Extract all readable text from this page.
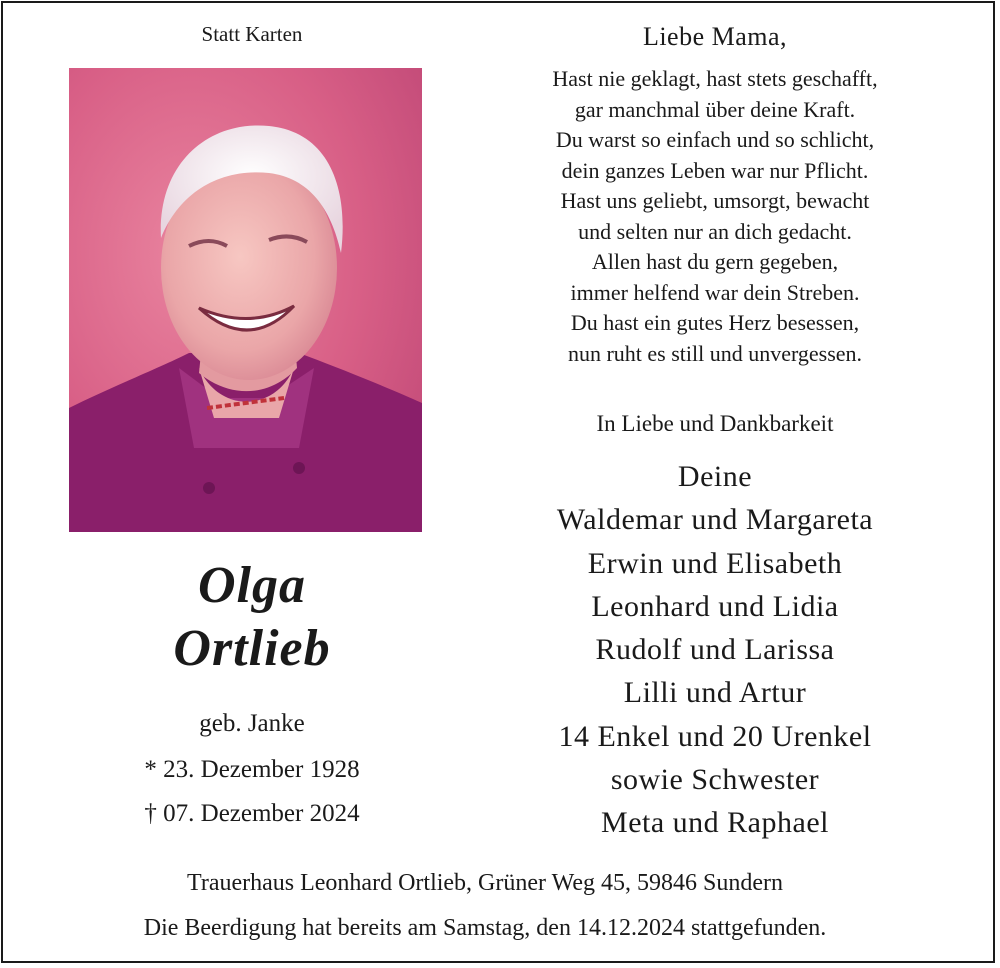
Statt Karten
Olga
Ortlieb
geb. Janke
* 23. Dezember 1928
† 07. Dezember 2024
Liebe Mama,
Hast nie geklagt, hast stets geschafft,
gar manchmal über deine Kraft.
Du warst so einfach und so schlicht,
dein ganzes Leben war nur Pflicht.
Hast uns geliebt, umsorgt, bewacht
und selten nur an dich gedacht.
Allen hast du gern gegeben,
immer helfend war dein Streben.
Du hast ein gutes Herz besessen,
nun ruht es still und unvergessen.
In Liebe und Dankbarkeit
Deine
Waldemar und Margareta
Erwin und Elisabeth
Leonhard und Lidia
Rudolf und Larissa
Lilli und Artur
14 Enkel und 20 Urenkel
sowie Schwester
Meta und Raphael
Trauerhaus Leonhard Ortlieb, Grüner Weg 45, 59846 Sundern
Die Beerdigung hat bereits am Samstag, den 14.12.2024 stattgefunden.
